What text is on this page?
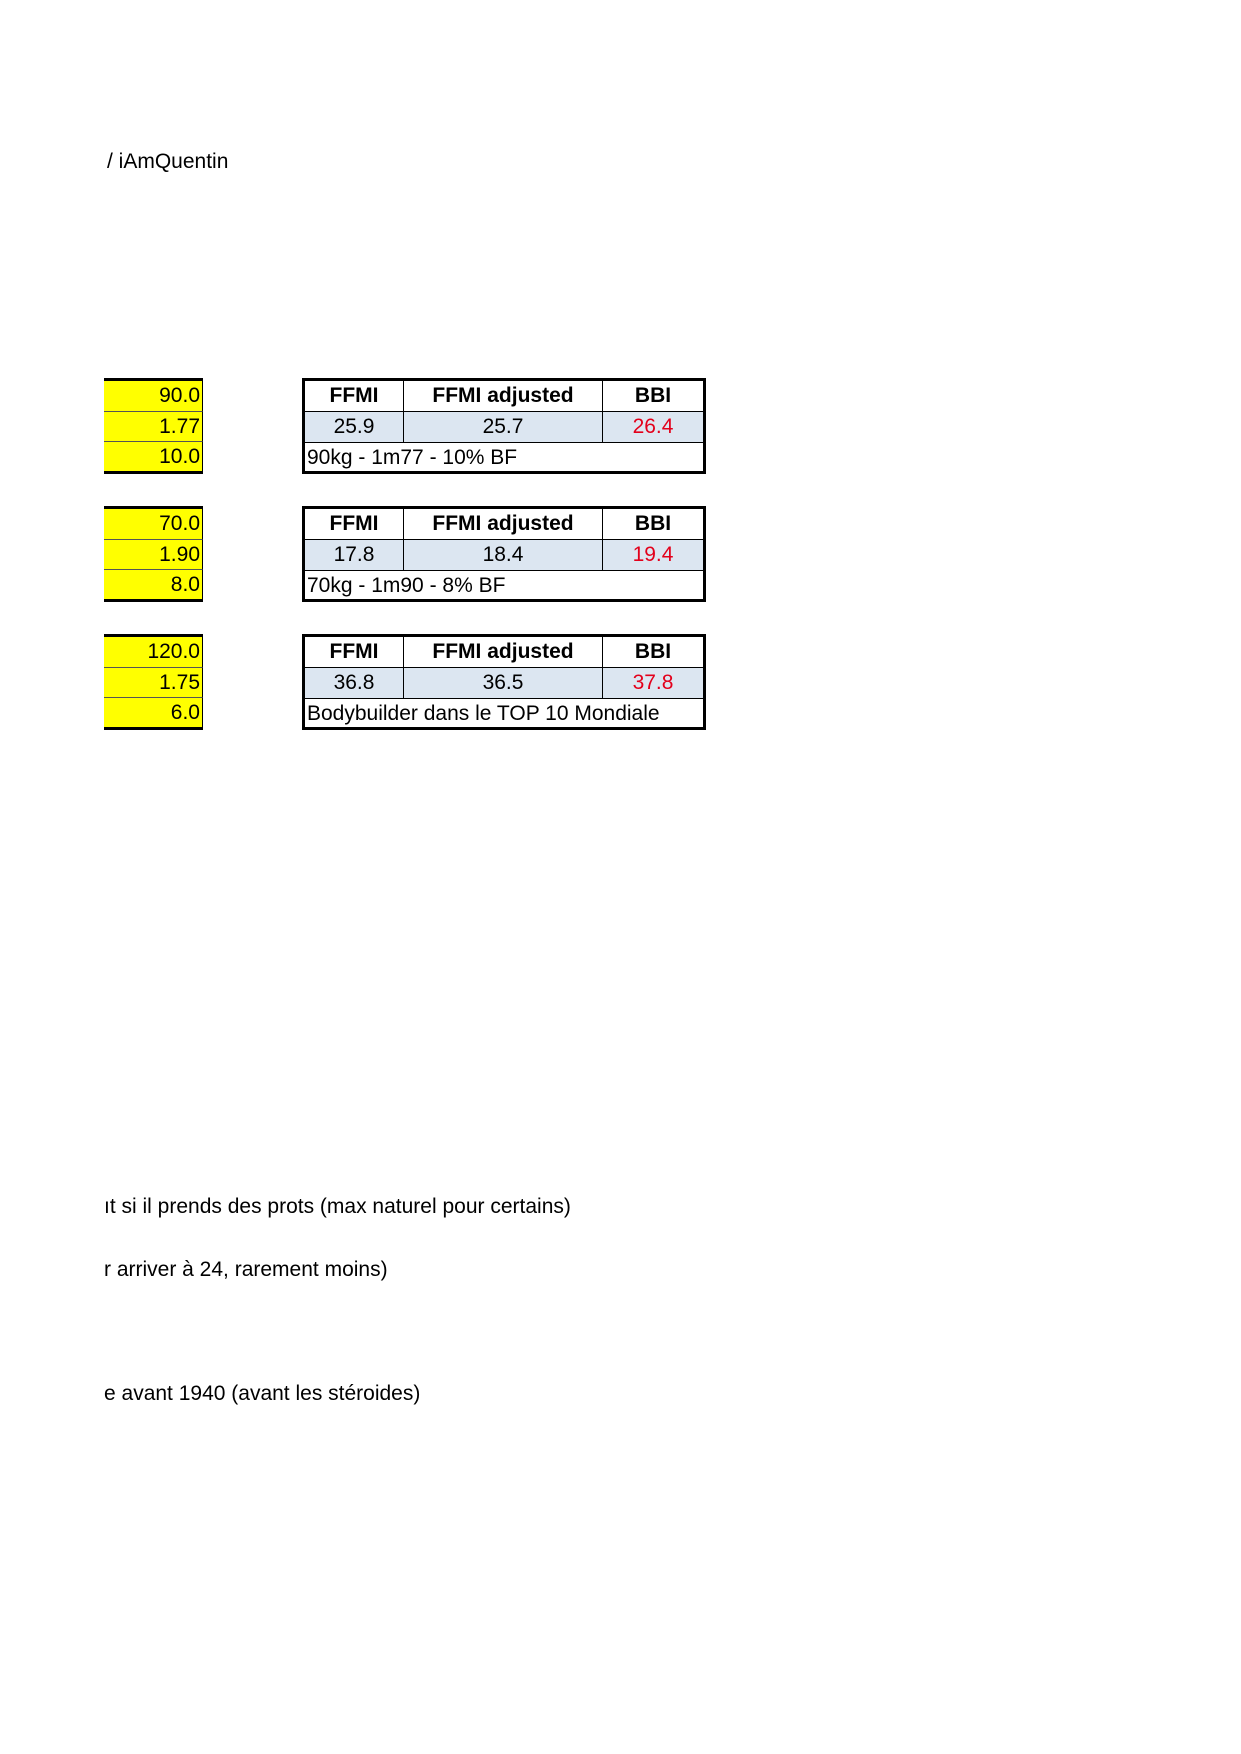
/ iAmQuentin
90.0
1.77
10.0
FFMI	FFMI adjusted	BBI
25.9	25.7	26.4
90kg - 1m77 - 10% BF
70.0
1.90
8.0
FFMI	FFMI adjusted	BBI
17.8	18.4	19.4
70kg - 1m90 - 8% BF
120.0
1.75
6.0
FFMI	FFMI adjusted	BBI
36.8	36.5	37.8
Bodybuilder dans le TOP 10 Mondiale
ıt si il prends des prots (max naturel pour certains)
r arriver à 24, rarement moins)
e avant 1940 (avant les stéroides)
